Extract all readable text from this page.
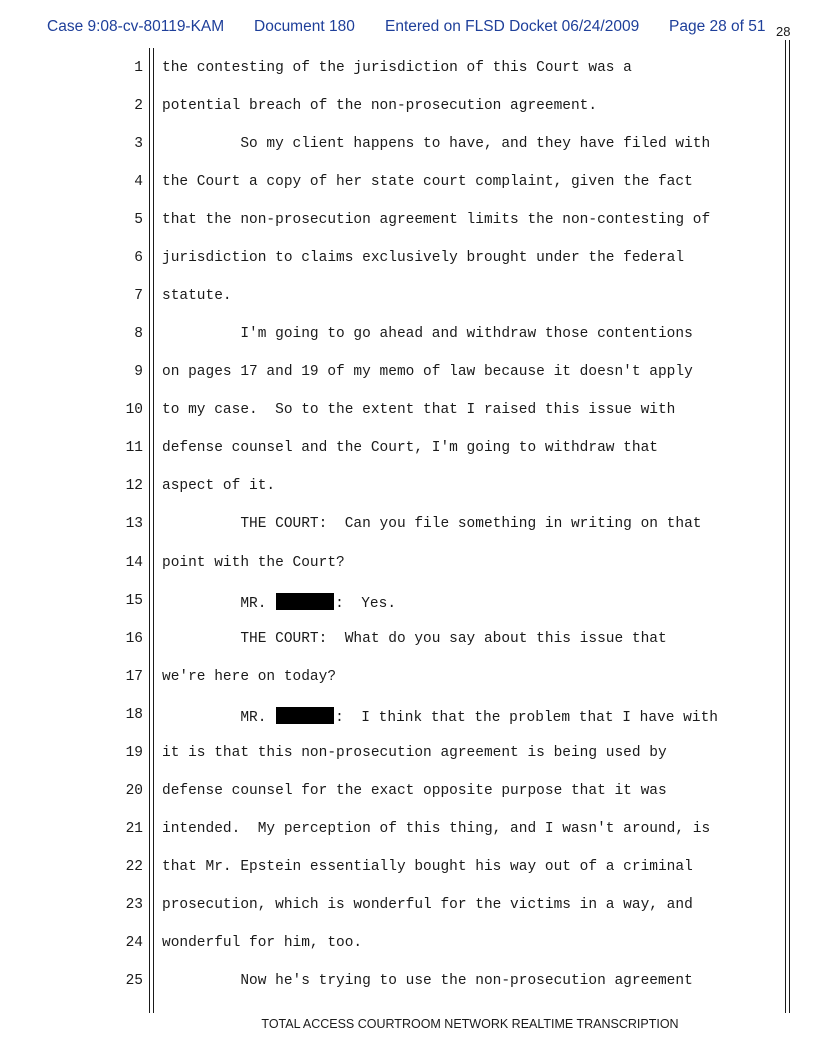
Case 9:08-cv-80119-KAM Document 180 Entered on FLSD Docket 06/24/2009 Page 28 of 51 28
1 the contesting of the jurisdiction of this Court was a
2 potential breach of the non-prosecution agreement.
3 So my client happens to have, and they have filed with
4 the Court a copy of her state court complaint, given the fact
5 that the non-prosecution agreement limits the non-contesting of
6 jurisdiction to claims exclusively brought under the federal
7 statute.
8 I'm going to go ahead and withdraw those contentions
9 on pages 17 and 19 of my memo of law because it doesn't apply
10 to my case.  So to the extent that I raised this issue with
11 defense counsel and the Court, I'm going to withdraw that
12 aspect of it.
13 THE COURT:  Can you file something in writing on that
14 point with the Court?
15 MR.	:  Yes.
16 THE COURT:  What do you say about this issue that
17 we're here on today?
18 MR.	:  I think that the problem that I have with
19 it is that this non-prosecution agreement is being used by
20 defense counsel for the exact opposite purpose that it was
21 intended.  My perception of this thing, and I wasn't around, is
22 that Mr. Epstein essentially bought his way out of a criminal
23 prosecution, which is wonderful for the victims in a way, and
24 wonderful for him, too.
25 Now he's trying to use the non-prosecution agreement
TOTAL ACCESS COURTROOM NETWORK REALTIME TRANSCRIPTION
